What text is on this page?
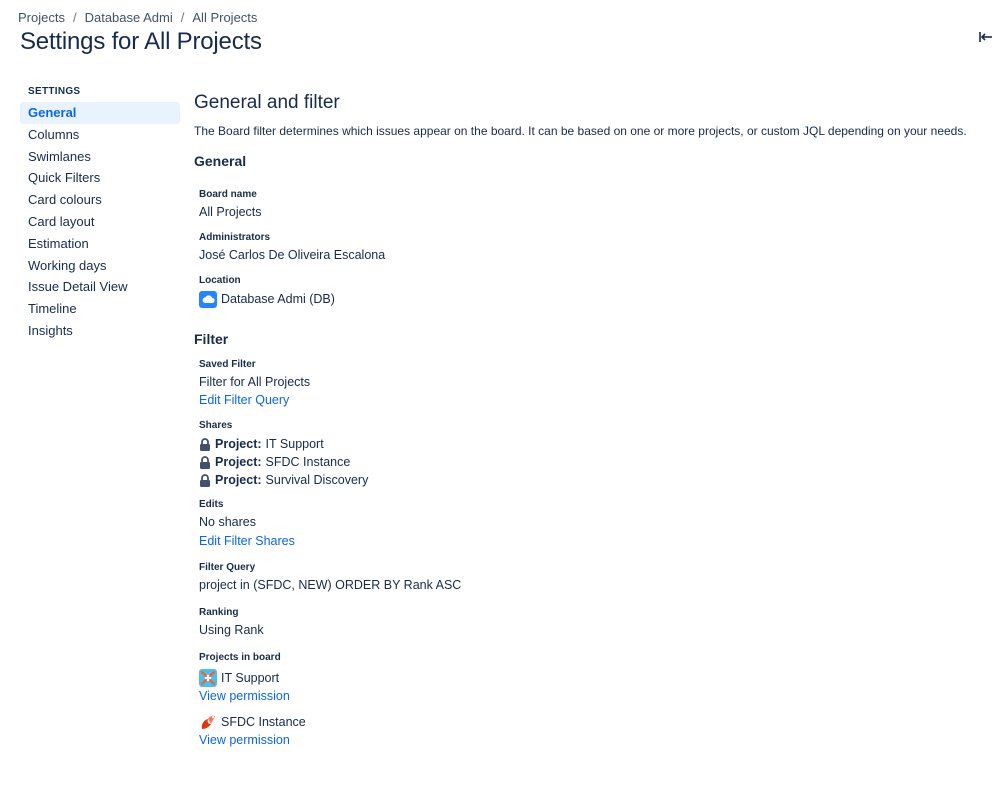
Projects / Database Admi / All Projects
Settings for All Projects
SETTINGS
General
Columns
Swimlanes
Quick Filters
Card colours
Card layout
Estimation
Working days
Issue Detail View
Timeline
Insights
General and filter

The Board filter determines which issues appear on the board. It can be based on one or more projects, or custom JQL depending on your needs.

General
Board name
All Projects
Administrators
José Carlos De Oliveira Escalona
Location
Database Admi (DB)
Filter
Saved Filter
Filter for All Projects
Edit Filter Query
Shares
Project: IT Support
Project: SFDC Instance
Project: Survival Discovery
Edits
No shares
Edit Filter Shares
Filter Query
project in (SFDC, NEW) ORDER BY Rank ASC
Ranking
Using Rank
Projects in board
IT Support
View permission
SFDC Instance
View permission
